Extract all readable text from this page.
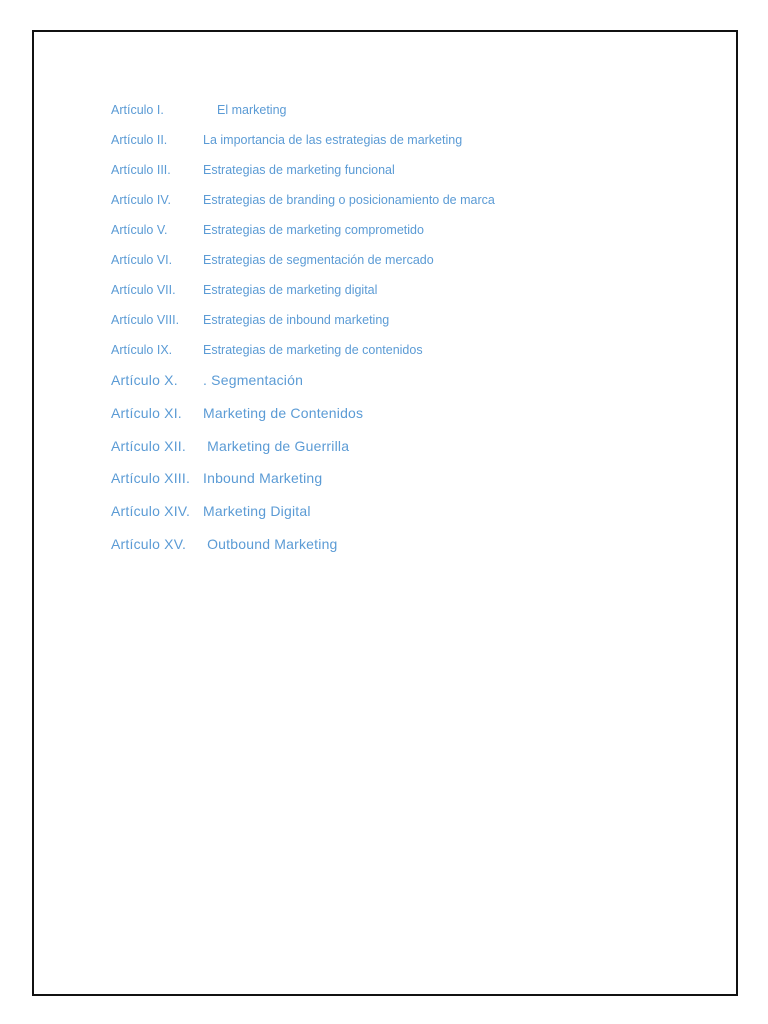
Artículo I.	El marketing
Artículo II.	La importancia de las estrategias de marketing
Artículo III.	Estrategias de marketing funcional
Artículo IV.	Estrategias de branding o posicionamiento de marca
Artículo V.	Estrategias de marketing comprometido
Artículo VI. Estrategias de segmentación de mercado
Artículo VII. Estrategias de marketing digital
Artículo VIII. Estrategias de inbound marketing
Artículo IX. Estrategias de marketing de contenidos
Artículo X. . Segmentación
Artículo XI. Marketing de Contenidos
Artículo XII. Marketing de Guerrilla
Artículo XIII. Inbound Marketing
Artículo XIV. Marketing Digital
Artículo XV. Outbound Marketing
